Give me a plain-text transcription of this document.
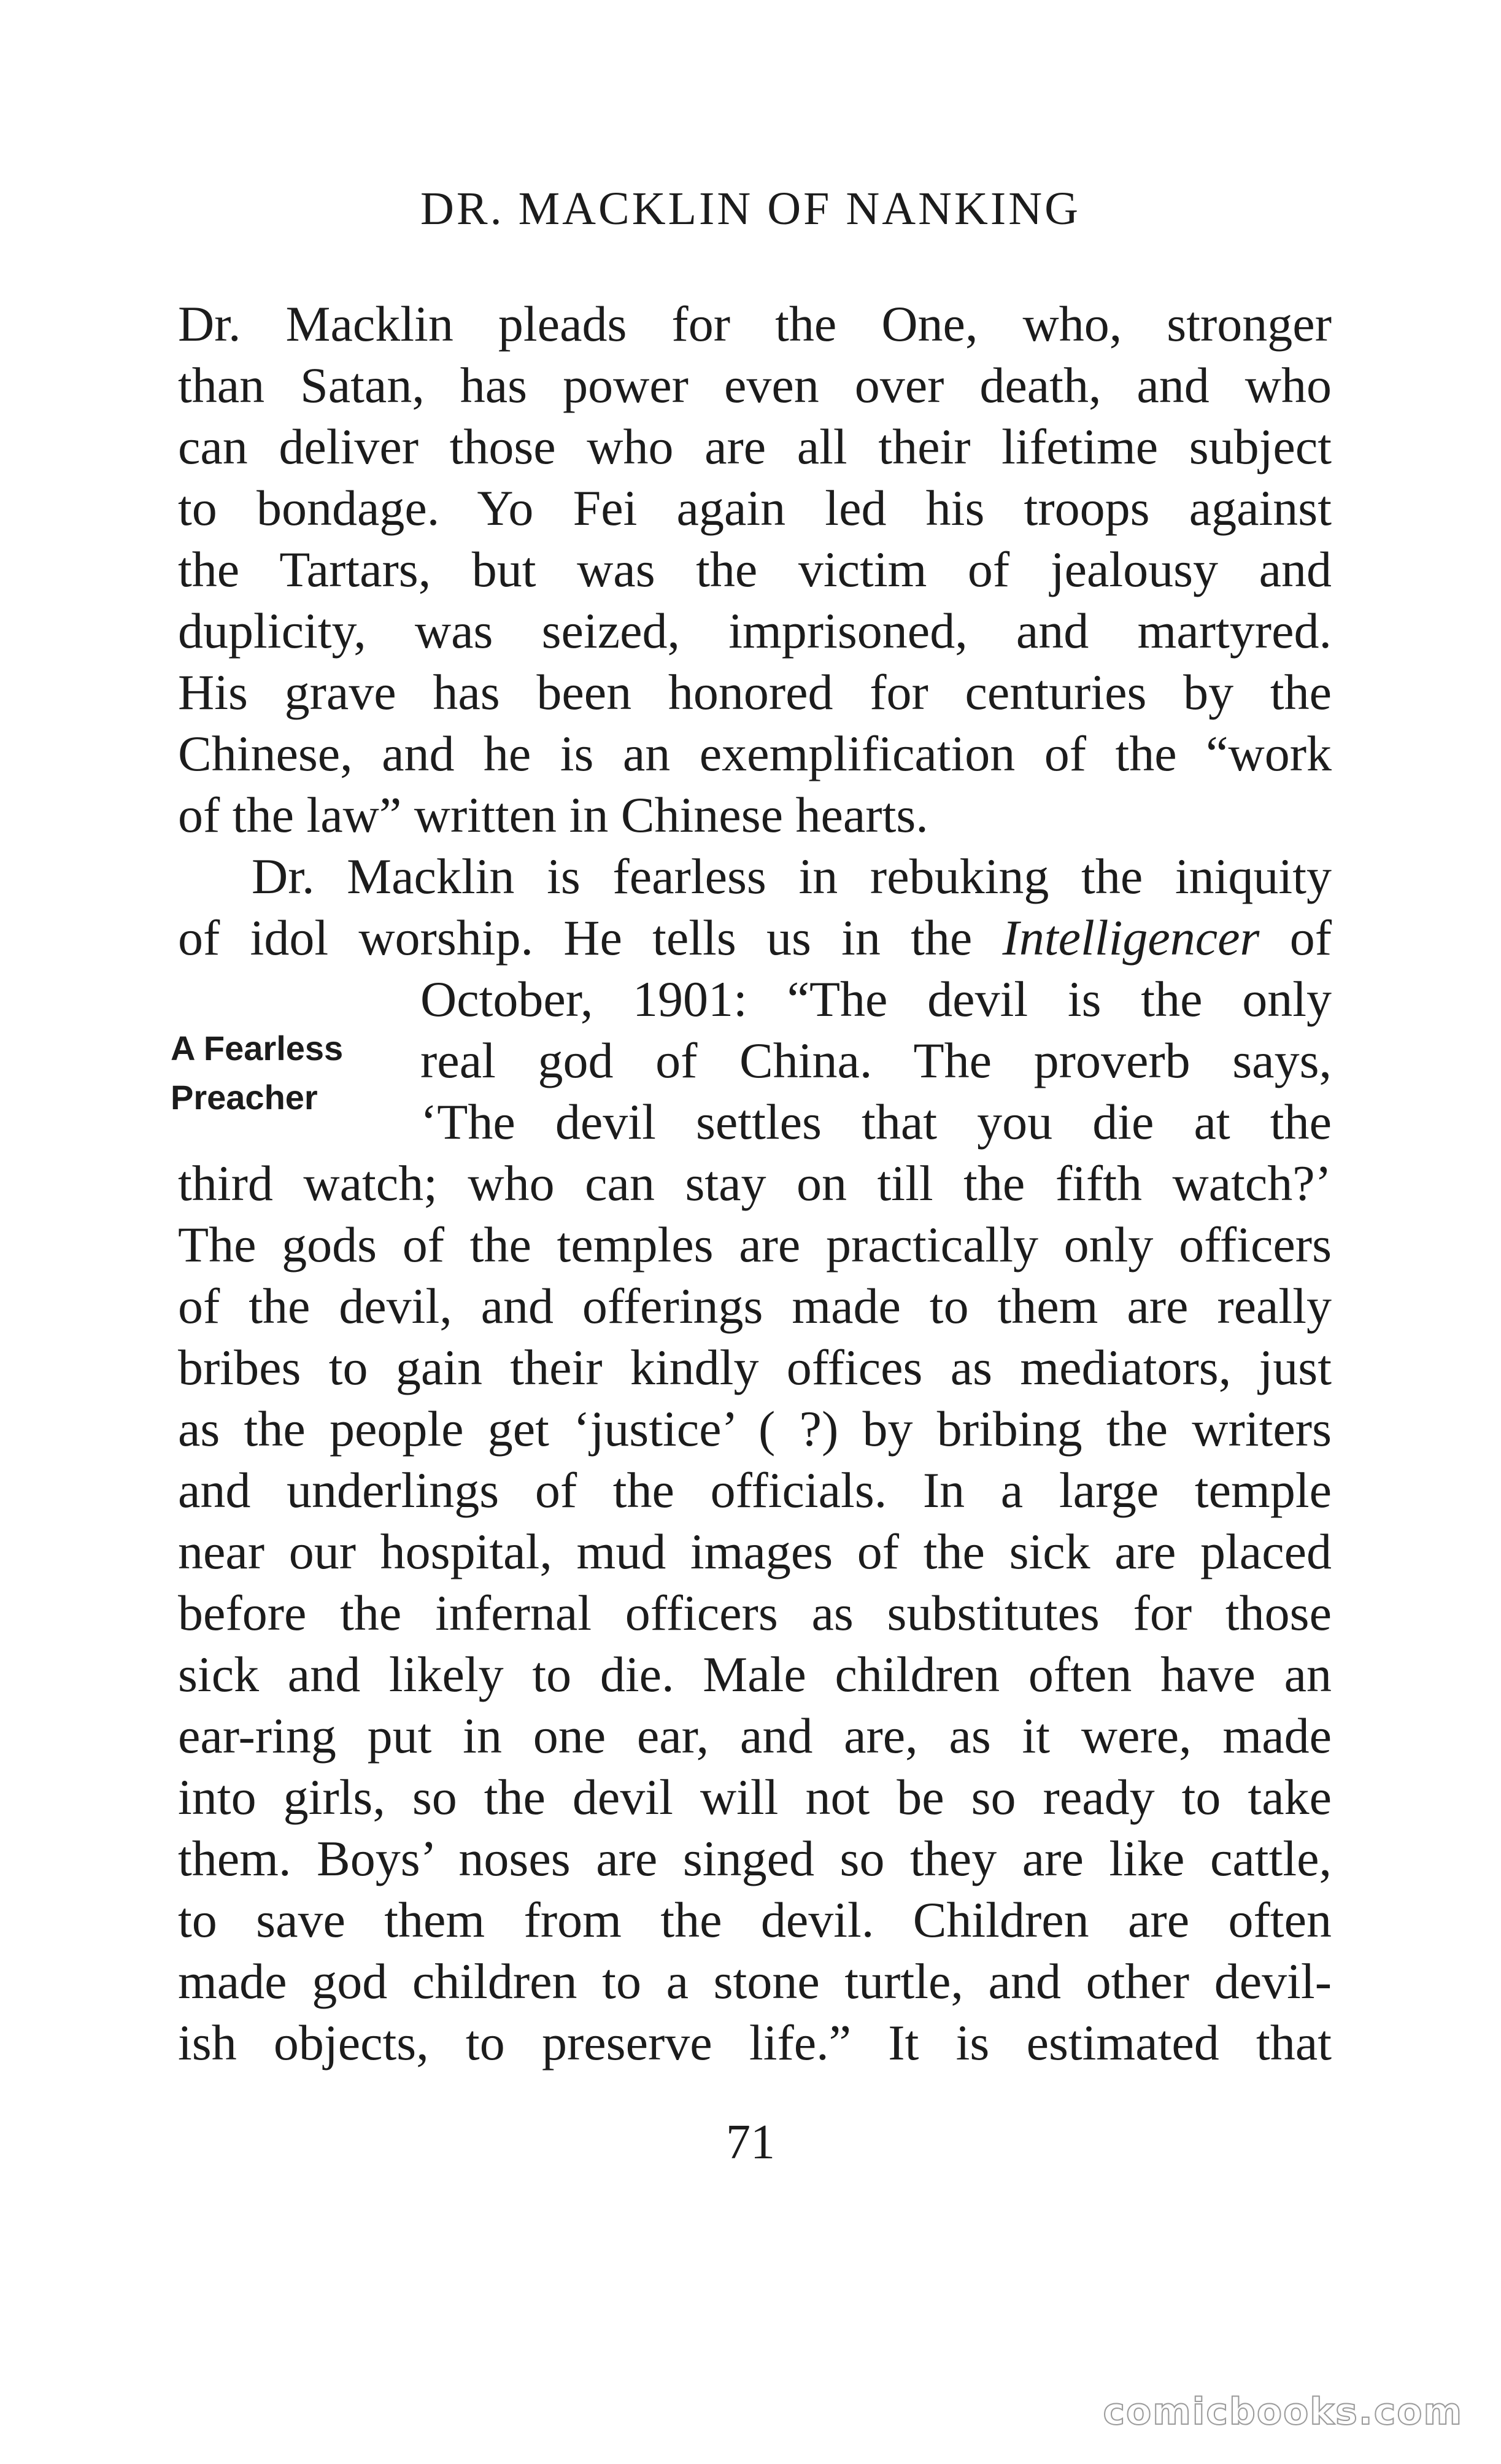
DR. MACKLIN OF NANKING
Dr. Macklin pleads for the One, who, stronger
than Satan, has power even over death, and who
can deliver those who are all their lifetime subject
to bondage. Yo Fei again led his troops against
the Tartars, but was the victim of jealousy and
duplicity, was seized, imprisoned, and martyred.
His grave has been honored for centuries by the
Chinese, and he is an exemplification of the “work
of the law” written in Chinese hearts.
Dr. Macklin is fearless in rebuking the iniquity
of idol worship. He tells us in the Intelligencer of
October, 1901: “The devil is the only
real god of China. The proverb says,
‘The devil settles that you die at the
third watch; who can stay on till the fifth watch?’
The gods of the temples are practically only officers
of the devil, and offerings made to them are really
bribes to gain their kindly offices as mediators, just
as the people get ‘justice’ ( ?) by bribing the writers
and underlings of the officials. In a large temple
near our hospital, mud images of the sick are placed
before the infernal officers as substitutes for those
sick and likely to die. Male children often have an
ear-ring put in one ear, and are, as it were, made
into girls, so the devil will not be so ready to take
them. Boys’ noses are singed so they are like cattle,
to save them from the devil. Children are often
made god children to a stone turtle, and other devil-
ish objects, to preserve life.” It is estimated that
A Fearless
Preacher
71
comicbooks.com
